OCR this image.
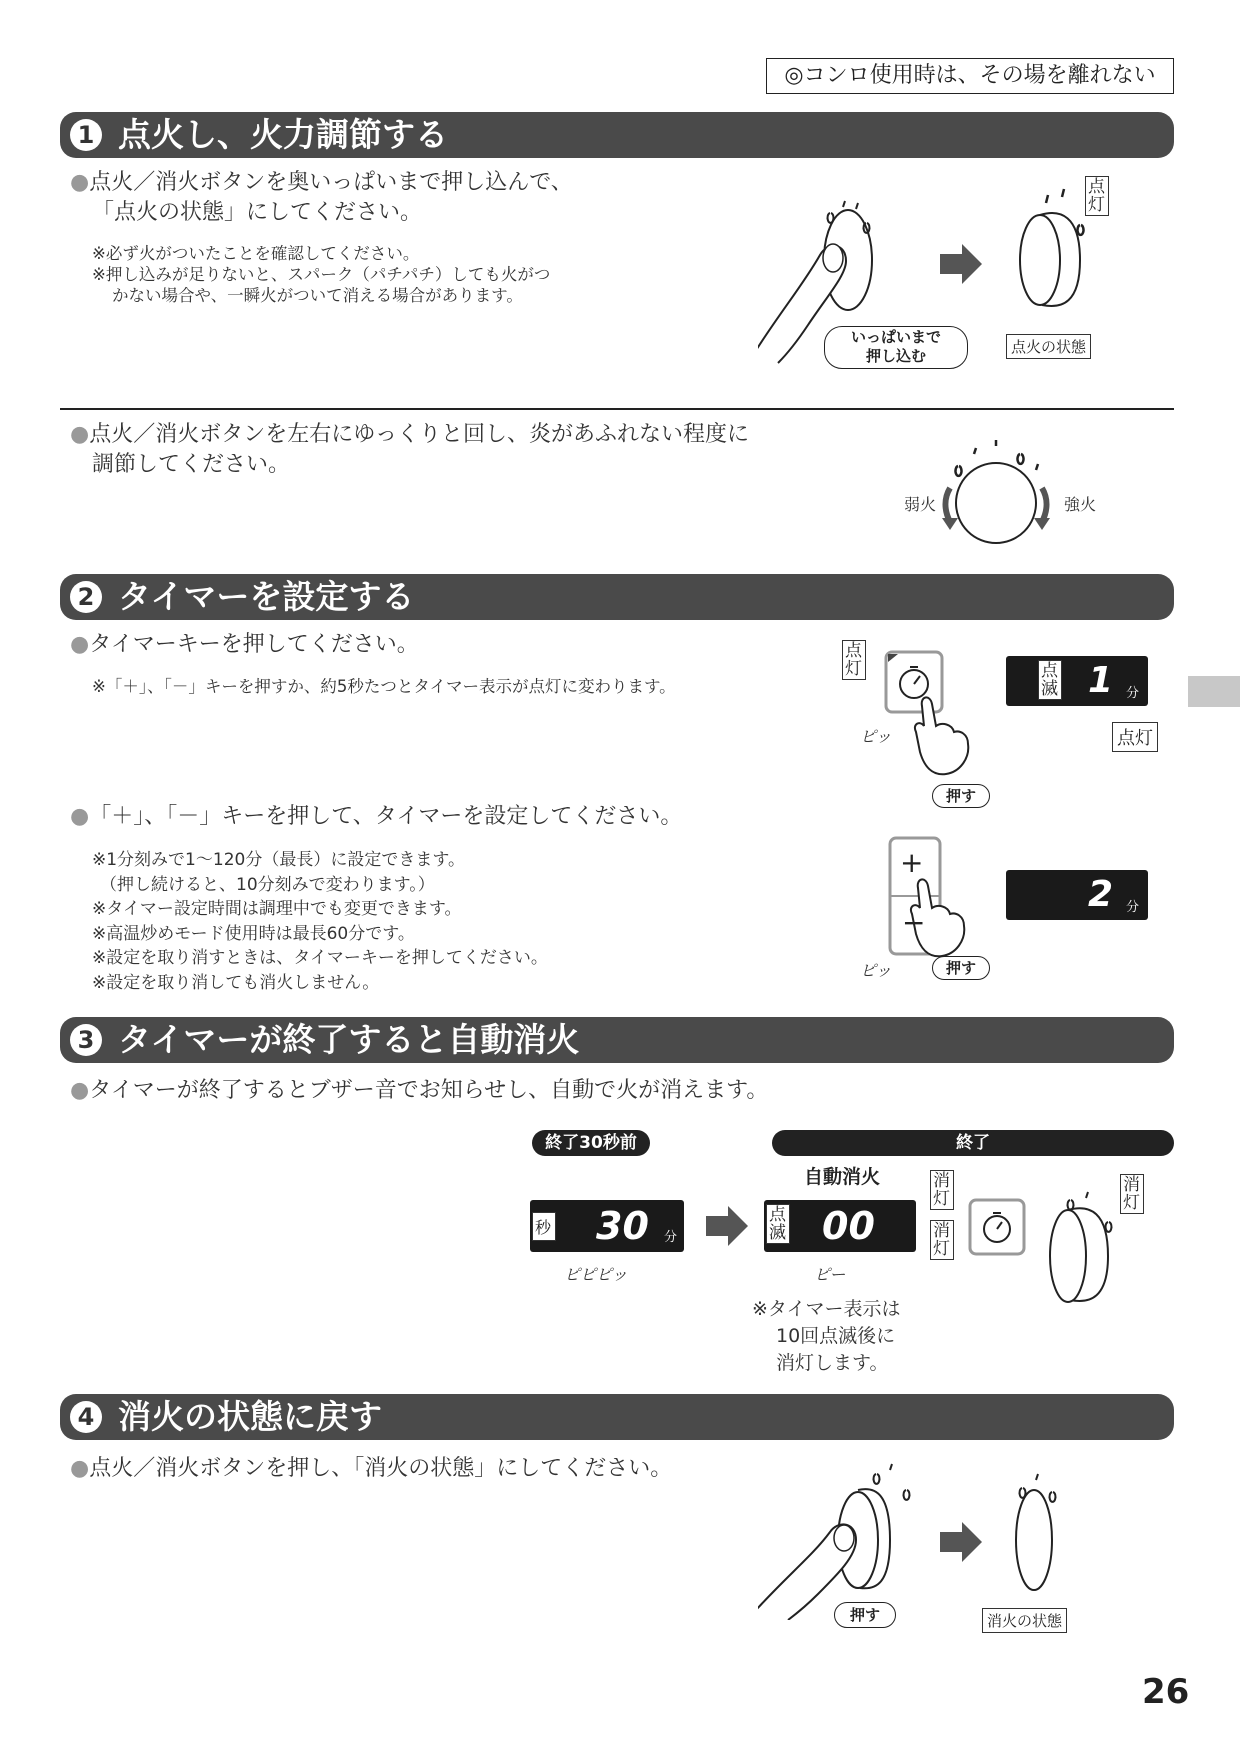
◎コンロ使用時は、その場を離れない
1 点火し、火力調節する
●点火／消火ボタンを奥いっぱいまで押し込んで、
「点火の状態」にしてください。
※必ず火がついたことを確認してください。
※押し込みが足りないと、スパーク（パチパチ）しても火がつ
かない場合や、一瞬火がついて消える場合があります。
いっぱいまで
押し込む
点
灯
点火の状態
●点火／消火ボタンを左右にゆっくりと回し、炎があふれない程度に
調節してください。
弱火	強火
2 タイマーを設定する
●タイマーキーを押してください。
※「＋」、「－」キーを押すか、約5秒たつとタイマー表示が点灯に変わります。
点
灯
ピッ
押す
点
滅 1 分
点灯
●「＋」、「－」キーを押して、タイマーを設定してください。
※1分刻みで1～120分（最長）に設定できます。
（押し続けると、10分刻みで変わります。）
※タイマー設定時間は調理中でも変更できます。
※高温炒めモード使用時は最長60分です。
※設定を取り消すときは、タイマーキーを押してください。
※設定を取り消しても消火しません。
+
−
ピッ	押す
2 分
3 タイマーが終了すると自動消火
●タイマーが終了するとブザー音でお知らせし、自動で火が消えます。
終了30秒前	終了
自動消火
秒 30 分
ピピピッ
点
滅 00	消
灯
消
灯
ピー
※タイマー表示は
10回点滅後に
消灯します。
消
灯
4 消火の状態に戻す
●点火／消火ボタンを押し、「消火の状態」にしてください。
押す	消火の状態
26
